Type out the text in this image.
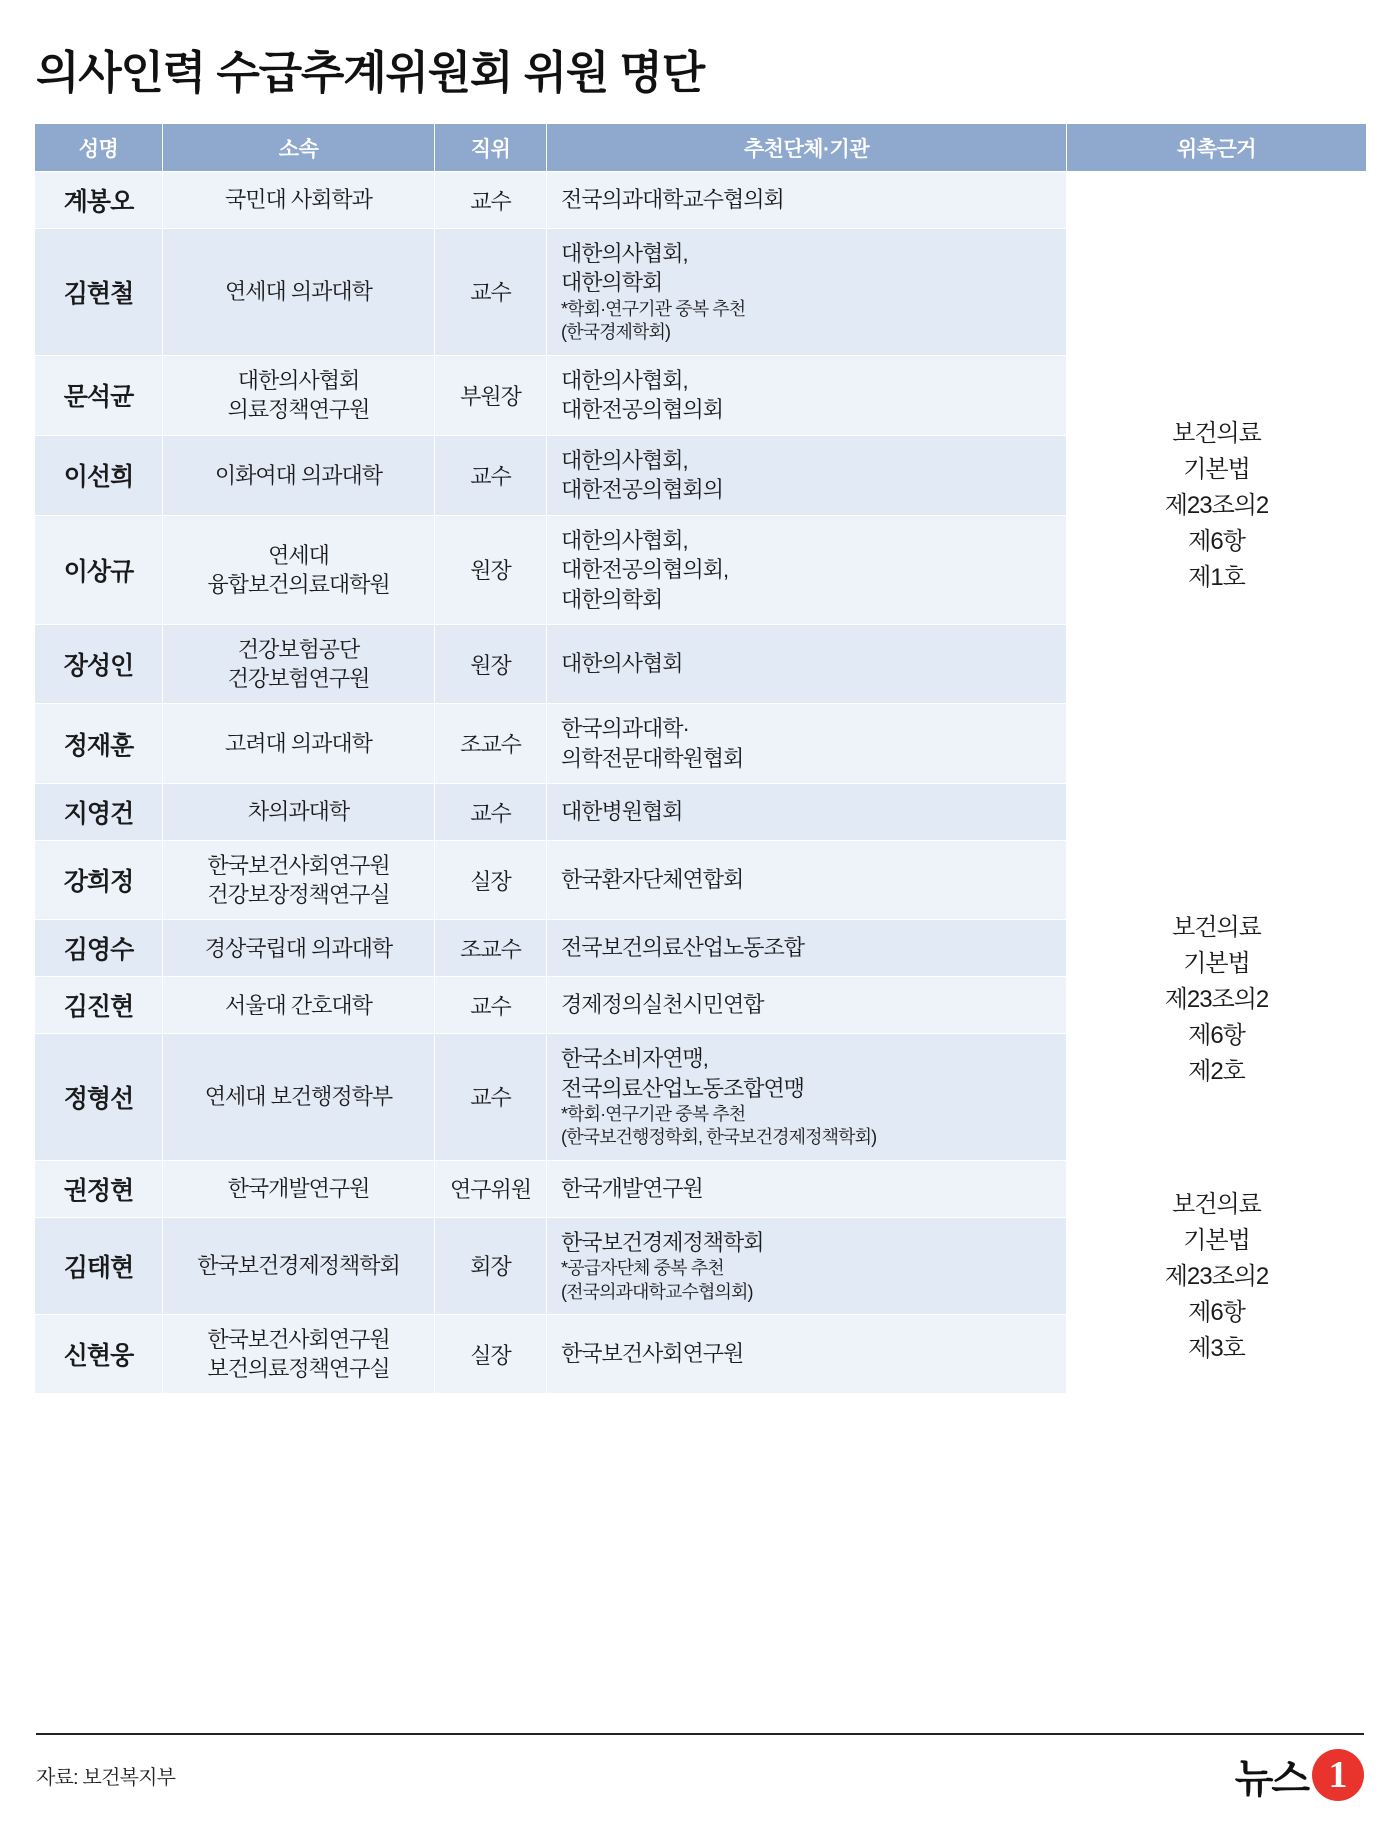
의사인력 수급추계위원회 위원 명단
성명	소속	직위	추천단체·기관	위촉근거
계봉오	국민대 사회학과	교수	전국의과대학교수협의회	보건의료
기본법
제23조의2
제6항
제1호
김현철	연세대 의과대학	교수	대한의사협회,
대한의학회
*학회·연구기관 중복 추천
(한국경제학회)	

문석균	대한의사협회
의료정책연구원	부원장	대한의사협회,
대한전공의협의회	
이선희	이화여대 의과대학	교수	대한의사협회,
대한전공의협회의	
이상규	연세대
융합보건의료대학원	원장	대한의사협회,
대한전공의협의회,
대한의학회	
장성인	건강보험공단
건강보험연구원	원장	대한의사협회	
정재훈	고려대 의과대학	조교수	한국의과대학·
의학전문대학원협회	
지영건	차의과대학	교수	대한병원협회	
강희정	한국보건사회연구원
건강보장정책연구실	실장	한국환자단체연합회	보건의료
기본법
제23조의2
제6항
제2호
김영수	경상국립대 의과대학	조교수	전국보건의료산업노동조합	
김진현	서울대 간호대학	교수	경제정의실천시민연합	
정형선	연세대 보건행정학부	교수	한국소비자연맹,
전국의료산업노동조합연맹
*학회·연구기관 중복 추천
(한국보건행정학회, 한국보건경제정책학회)	

권정현	한국개발연구원	연구위원	한국개발연구원	보건의료
기본법
제23조의2
제6항
제3호
김태현	한국보건경제정책학회	회장	한국보건경제정책학회
*공급자단체 중복 추천
(전국의과대학교수협의회)	

신현웅	한국보건사회연구원
보건의료정책연구실	실장	한국보건사회연구원	
자료: 보건복지부	뉴스 1
